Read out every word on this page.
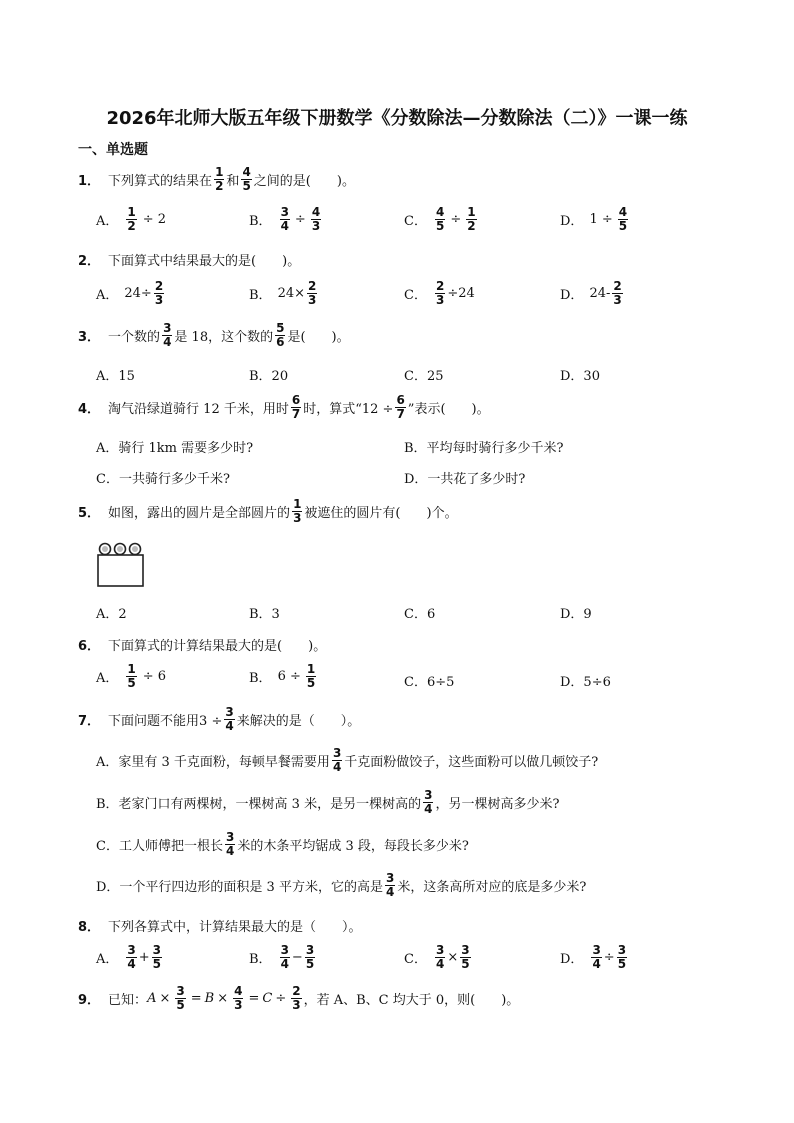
2026年北师大版五年级下册数学《分数除法—分数除法（二）》一课一练
一、单选题
1． 下列算式的结果在 $\frac{1}{2}$ 和 $\frac{4}{5}$ 之间的是(　　)。
A． $\frac{1}{2} \div 2$	B． $\frac{3}{4} \div \frac{4}{3}$	C． $\frac{4}{5} \div \frac{1}{2}$	D． $1 \div \frac{4}{5}$
2． 下面算式中结果最大的是(　　)。
A． $24\div \frac{2}{3}$	B． $24\times \frac{2}{3}$	C． $\frac{2}{3} \div 24$	D． $24- \frac{2}{3}$
3． 一个数的 $\frac{3}{4}$ 是 18，这个数的 $\frac{5}{6}$ 是(　　)。
A．15	B．20	C．25	D．30
4． 淘气沿绿道骑行 12 千米，用时 $\frac{6}{7}$ 时，算式“$12 \div \frac{6}{7}$ ”表示(　　)。
A．骑行 1km 需要多少时?	B．平均每时骑行多少千米?
C．一共骑行多少千米?	D．一共花了多少时?
5． 如图，露出的圆片是全部圆片的 $\frac{1}{3}$ 被遮住的圆片有(　　)个。
A．2	B．3	C．6	D．9
6． 下面算式的计算结果最大的是(　　)。
A． $\frac{1}{5} \div 6$	B． $6 \div \frac{1}{5}$	C．6÷5	D．5÷6
7． 下面问题不能用$3 \div \frac{3}{4}$ 来解决的是（　　）。
A．家里有 3 千克面粉，每顿早餐需要用 $\frac{3}{4}$ 千克面粉做饺子，这些面粉可以做几顿饺子?
B．老家门口有两棵树，一棵树高 3 米，是另一棵树高的 $\frac{3}{4}$ ，另一棵树高多少米?
C．工人师傅把一根长 $\frac{3}{4}$ 米的木条平均锯成 3 段，每段长多少米?
D．一个平行四边形的面积是 3 平方米，它的高是 $\frac{3}{4}$ 米，这条高所对应的底是多少米?
8． 下列各算式中，计算结果最大的是（　　）。
A． $\frac{3}{4} + \frac{3}{5}$	B． $\frac{3}{4} - \frac{3}{5}$	C． $\frac{3}{4} \times \frac{3}{5}$	D． $\frac{3}{4} \div \frac{3}{5}$
9． 已知： $A \times \frac{3}{5} = B \times \frac{4}{3} = C \div \frac{2}{3}$ ，若 A、B、C 均大于 0，则(　　)。
